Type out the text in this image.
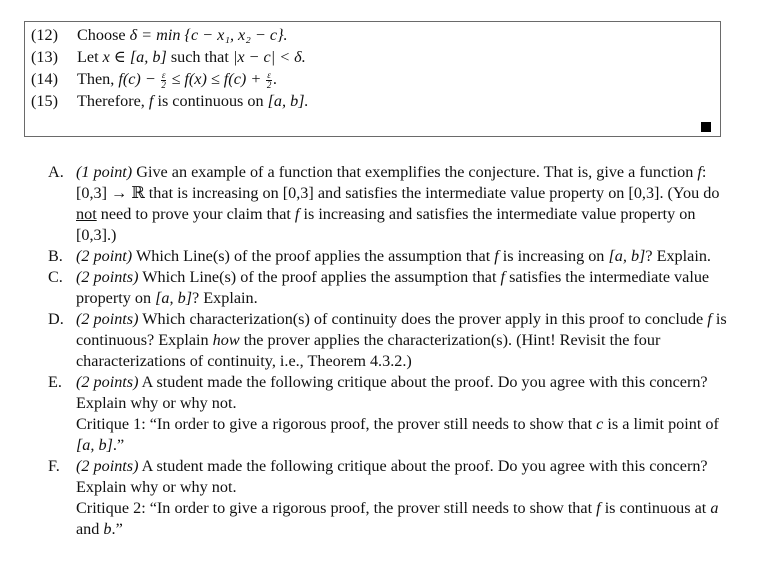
(12) Choose δ = min {c − x₁, x₂ − c}.
(13) Let x ∈ [a, b] such that |x − c| < δ.
(14) Then, $f(c) - \frac{\varepsilon}{2} \le f(x) \le f(c) + \frac{\varepsilon}{2}$ .
(15) Therefore, f is continuous on [a, b].
A. (1 point) Give an example of a function that exemplifies the conjecture. That is, give a function f: [0,3] → ℝ that is increasing on [0,3] and satisfies the intermediate value property on [0,3]. (You do not need to prove your claim that f is increasing and satisfies the intermediate value property on [0,3].)
B. (2 point) Which Line(s) of the proof applies the assumption that f is increasing on [a, b]? Explain.
C. (2 points) Which Line(s) of the proof applies the assumption that f satisfies the intermediate value property on [a, b]? Explain.
D. (2 points) Which characterization(s) of continuity does the prover apply in this proof to conclude f is continuous? Explain how the prover applies the characterization(s). (Hint! Revisit the four characterizations of continuity, i.e., Theorem 4.3.2.)
E. (2 points) A student made the following critique about the proof. Do you agree with this concern? Explain why or why not.
Critique 1: “In order to give a rigorous proof, the prover still needs to show that c is a limit point of [a, b].”
F. (2 points) A student made the following critique about the proof. Do you agree with this concern? Explain why or why not.
Critique 2: “In order to give a rigorous proof, the prover still needs to show that f is continuous at a and b.”
